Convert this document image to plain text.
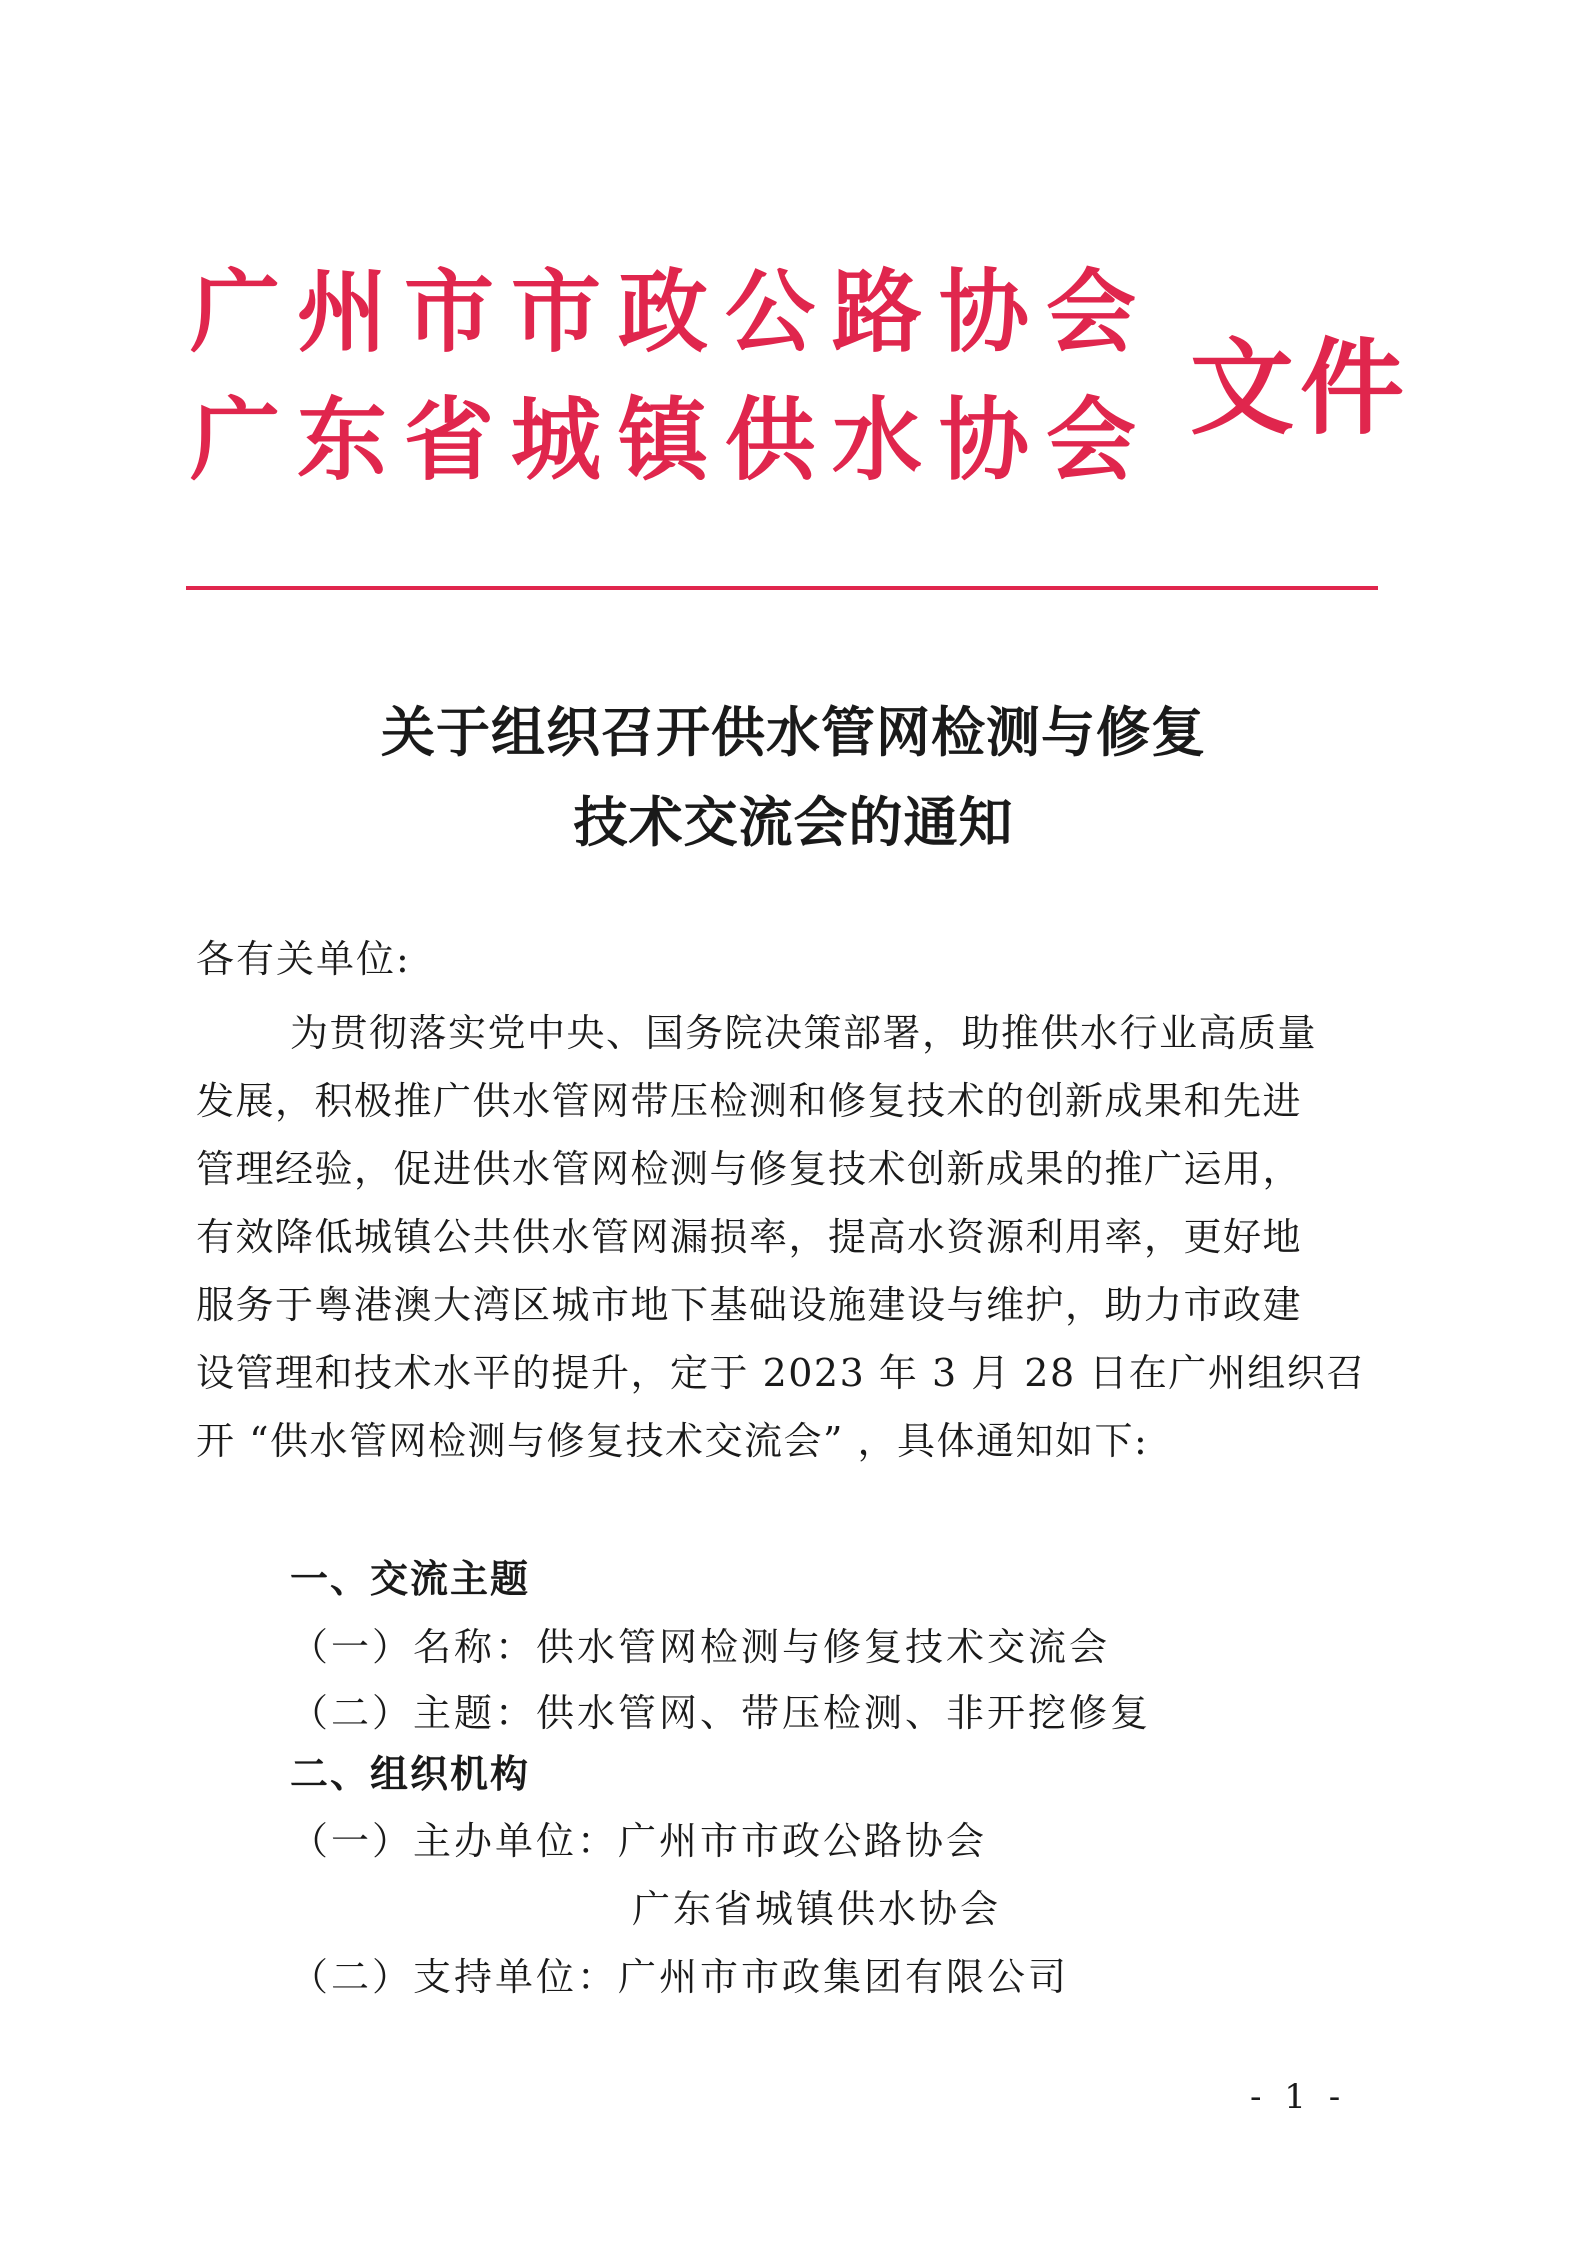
广州市市政公路协会
广东省城镇供水协会 文件
关于组织召开供水管网检测与修复
技术交流会的通知
各有关单位:
为贯彻落实党中央、国务院决策部署，助推供水行业高质量
发展，积极推广供水管网带压检测和修复技术的创新成果和先进
管理经验，促进供水管网检测与修复技术创新成果的推广运用，
有效降低城镇公共供水管网漏损率，提高水资源利用率，更好地
服务于粤港澳大湾区城市地下基础设施建设与维护，助力市政建
设管理和技术水平的提升，定于 2023 年 3 月 28 日在广州组织召
开 “供水管网检测与修复技术交流会” ，具体通知如下:
一、交流主题
（一）名称：供水管网检测与修复技术交流会
（二）主题：供水管网、带压检测、非开挖修复
二、组织机构
（一）主办单位：广州市市政公路协会
广东省城镇供水协会
（二）支持单位：广州市市政集团有限公司
- 1 -
